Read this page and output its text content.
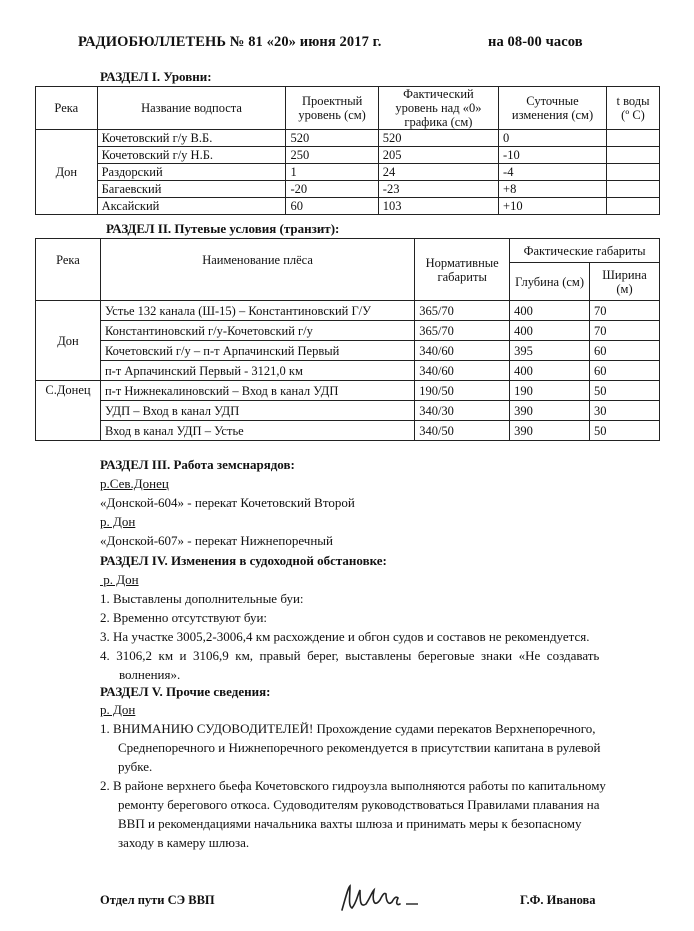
РАДИОБЮЛЛЕТЕНЬ № 81 «20» июня 2017 г.	на 08-00 часов
РАЗДЕЛ I. Уровни:
Река	Название водпоста	Проектный уровень (см)	Фактический уровень над «0» графика (см)	Суточные изменения (см)	t воды (º С)
Дон	Кочетовский г/у В.Б.	520	520	0	
	Кочетовский г/у Н.Б.	250	205	-10	
	Раздорский	1	24	-4	
	Багаевский	-20	-23	+8	
	Аксайский	60	103	+10	
РАЗДЕЛ II. Путевые условия (транзит):
Река	Наименование плёса	Нормативные габариты	Фактические габариты	
			Глубина (см)	Ширина (м)
Дон	Устье 132 канала (Ш-15) – Константиновский Г/У	365/70	400	70
	Константиновский г/у-Кочетовский г/у	365/70	400	70
	Кочетовский г/у – п-т Арпачинский Первый	340/60	395	60
	п-т Арпачинский Первый - 3121,0 км	340/60	400	60
С.Донец	п-т Нижнекалиновский – Вход в канал УДП	190/50	190	50
	УДП – Вход в канал УДП	340/30	390	30
	Вход в канал УДП – Устье	340/50	390	50
РАЗДЕЛ III. Работа земснарядов:
р.Сев.Донец
«Донской-604» - перекат Кочетовский Второй
р. Дон
«Донской-607» - перекат Нижнепоречный
РАЗДЕЛ IV. Изменения в судоходной обстановке:
р. Дон
1. Выставлены дополнительные буи:
2. Временно отсутствуют буи:
3. На участке 3005,2-3006,4 км расхождение и обгон судов и составов не рекомендуется.
4.  3106,2  км  и  3106,9  км,  правый  берег,  выставлены  береговые  знаки  «Не  создавать
волнения».
РАЗДЕЛ V. Прочие сведения:
р. Дон
1. ВНИМАНИЮ СУДОВОДИТЕЛЕЙ! Прохождение судами перекатов Верхнепоречного,
Среднепоречного и Нижнепоречного рекомендуется в присутствии капитана в рулевой
рубке.
2. В районе верхнего бьефа Кочетовского гидроузла выполняются работы по капитальному
ремонту берегового откоса. Судоводителям руководствоваться Правилами плавания на
ВВП и рекомендациями начальника вахты шлюза и принимать меры к безопасному
заходу в камеру шлюза.
Отдел пути СЭ ВВП	Г.Ф. Иванова
